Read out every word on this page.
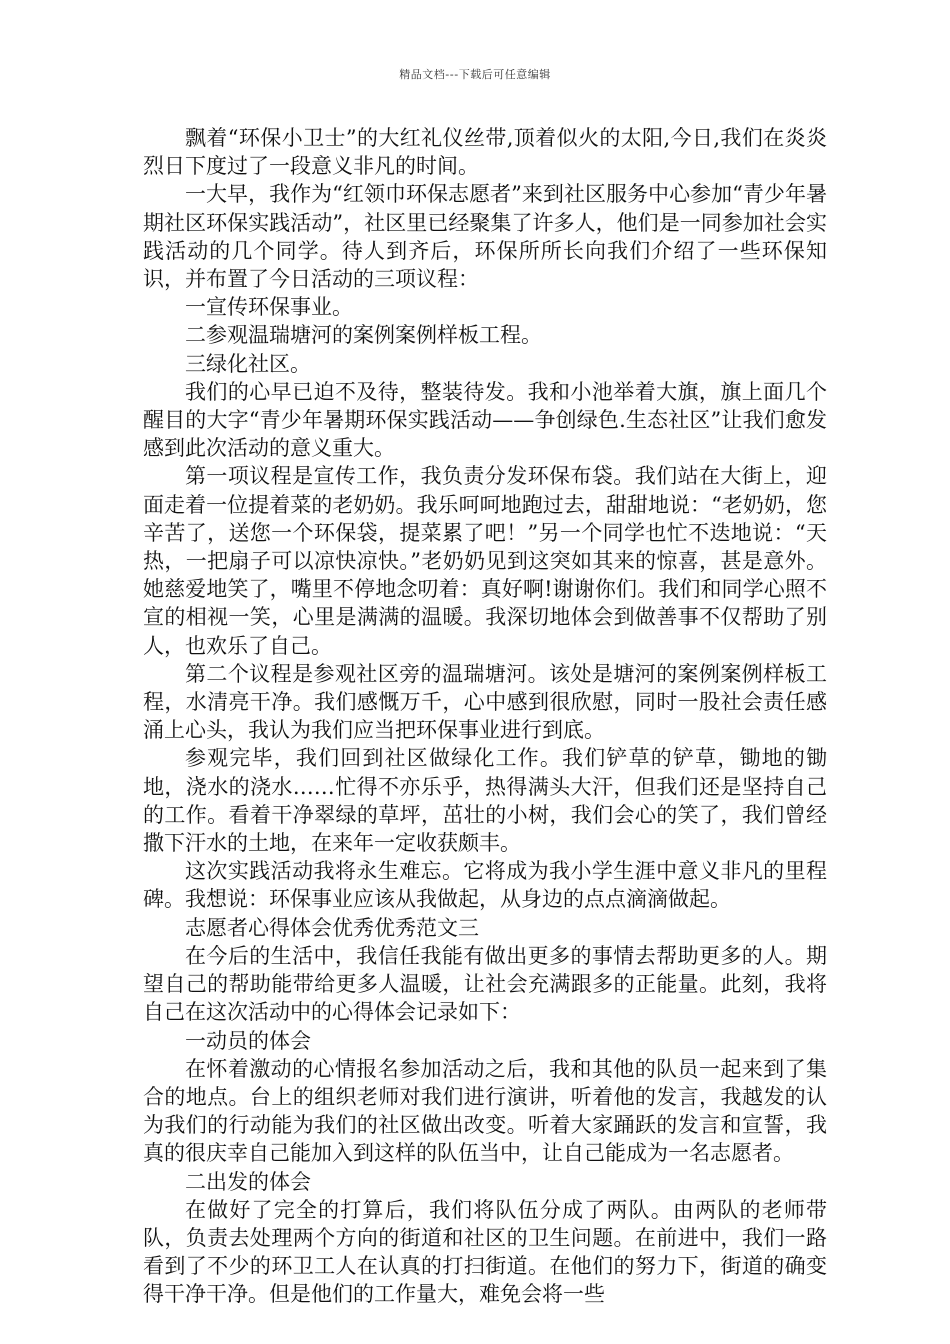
精品文档---下载后可任意编辑

飘着“环保小卫士”的大红礼仪丝带,顶着似火的太阳,今日,我们在炎炎烈日下度过了一段意义非凡的时间。

一大早，我作为“红领巾环保志愿者”来到社区服务中心参加“青少年暑期社区环保实践活动”，社区里已经聚集了许多人，他们是一同参加社会实践活动的几个同学。待人到齐后，环保所所长向我们介绍了一些环保知识，并布置了今日活动的三项议程：

一宣传环保事业。

二参观温瑞塘河的案例案例样板工程。

三绿化社区。

我们的心早已迫不及待，整装待发。我和小池举着大旗，旗上面几个醒目的大字“青少年暑期环保实践活动——争创绿色.生态社区”让我们愈发感到此次活动的意义重大。

第一项议程是宣传工作，我负责分发环保布袋。我们站在大街上，迎面走着一位提着菜的老奶奶。我乐呵呵地跑过去，甜甜地说：“老奶奶，您辛苦了，送您一个环保袋，提菜累了吧！”另一个同学也忙不迭地说：“天热，一把扇子可以凉快凉快。”老奶奶见到这突如其来的惊喜，甚是意外。她慈爱地笑了，嘴里不停地念叨着：真好啊!谢谢你们。我们和同学心照不宣的相视一笑，心里是满满的温暖。我深切地体会到做善事不仅帮助了别人，也欢乐了自己。

第二个议程是参观社区旁的温瑞塘河。该处是塘河的案例案例样板工程，水清亮干净。我们感慨万千，心中感到很欣慰，同时一股社会责任感涌上心头，我认为我们应当把环保事业进行到底。

参观完毕，我们回到社区做绿化工作。我们铲草的铲草，锄地的锄地，浇水的浇水……忙得不亦乐乎，热得满头大汗，但我们还是坚持自己的工作。看着干净翠绿的草坪，茁壮的小树，我们会心的笑了，我们曾经撒下汗水的土地，在来年一定收获颇丰。

这次实践活动我将永生难忘。它将成为我小学生涯中意义非凡的里程碑。我想说：环保事业应该从我做起，从身边的点点滴滴做起。

志愿者心得体会优秀优秀范文三

在今后的生活中，我信任我能有做出更多的事情去帮助更多的人。期望自己的帮助能带给更多人温暖，让社会充满跟多的正能量。此刻，我将自己在这次活动中的心得体会记录如下：

一动员的体会

在怀着激动的心情报名参加活动之后，我和其他的队员一起来到了集合的地点。台上的组织老师对我们进行演讲，听着他的发言，我越发的认为我们的行动能为我们的社区做出改变。听着大家踊跃的发言和宣誓，我真的很庆幸自己能加入到这样的队伍当中，让自己能成为一名志愿者。

二出发的体会

在做好了完全的打算后，我们将队伍分成了两队。由两队的老师带队，负责去处理两个方向的街道和社区的卫生问题。在前进中，我们一路看到了不少的环卫工人在认真的打扫街道。在他们的努力下，街道的确变得干净干净。但是他们的工作量大，难免会将一些
